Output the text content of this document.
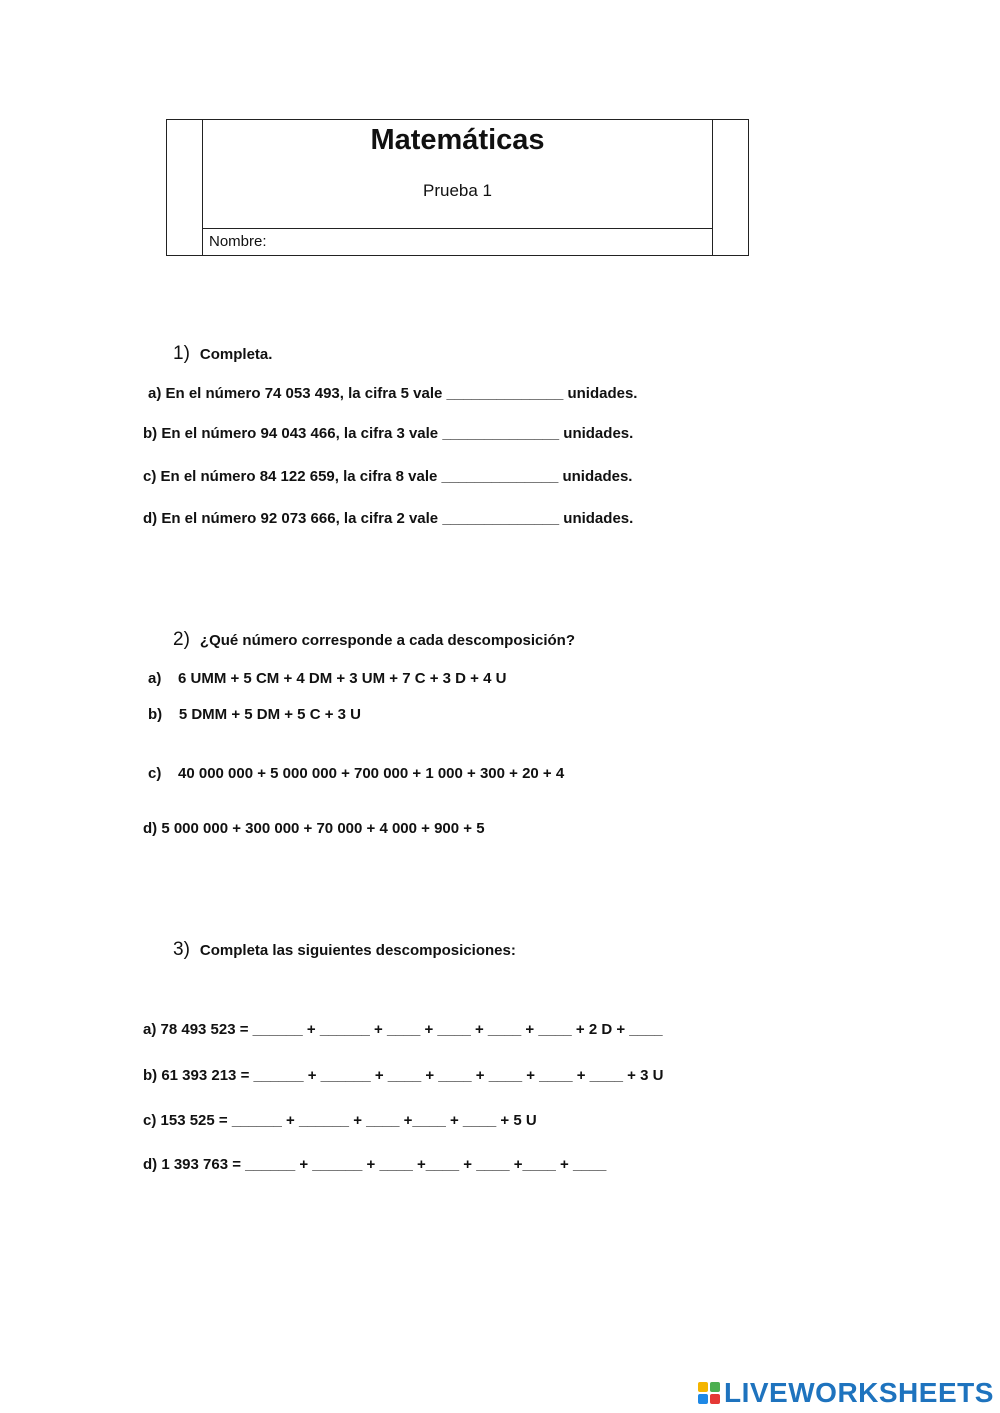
Matemáticas
Prueba 1
Nombre:
1) Completa.
a) En el número 74 053 493, la cifra 5 vale ______________ unidades.
b) En el número 94 043 466, la cifra 3 vale ______________ unidades.
c) En el número 84 122 659, la cifra 8 vale ______________ unidades.
d) En el número 92 073 666, la cifra 2 vale ______________ unidades.
2) ¿Qué número corresponde a cada descomposición?
a)    6 UMM + 5 CM + 4 DM + 3 UM + 7 C + 3 D + 4 U
b)    5 DMM + 5 DM + 5 C + 3 U
c)    40 000 000 + 5 000 000 + 700 000 + 1 000 + 300 + 20 + 4
d) 5 000 000 + 300 000 + 70 000 + 4 000 + 900 + 5
3) Completa las siguientes descomposiciones:
a) 78 493 523 = ______ + ______ + ____ + ____ + ____ + ____ + 2 D + ____
b) 61 393 213 = ______ + ______ + ____ + ____ + ____ + ____ + ____ + 3 U
c) 153 525 = ______ + ______ + ____ +____ + ____ + 5 U
d) 1 393 763 = ______ + ______ + ____ +____ + ____ +____ + ____
LIVEWORKSHEETS
